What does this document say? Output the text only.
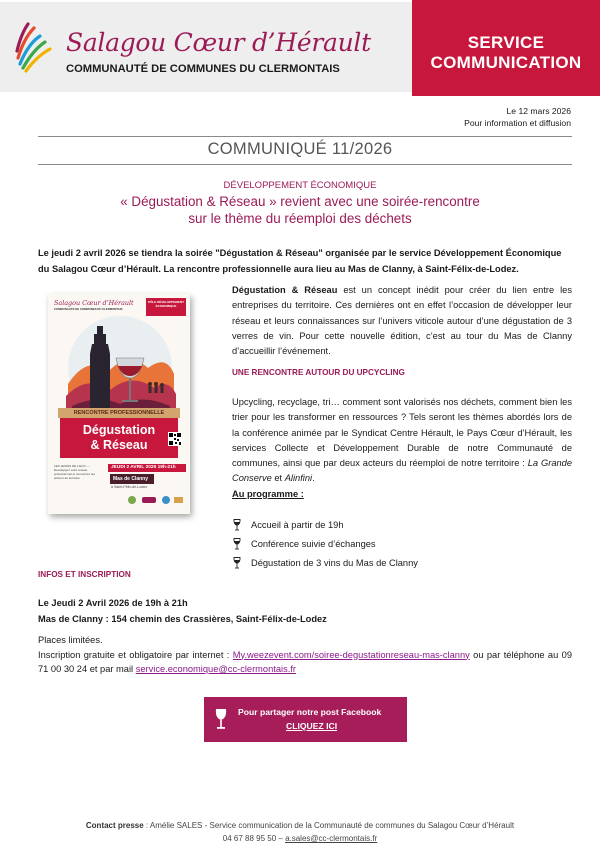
Salagou Cœur d’Hérault
COMMUNAUTÉ DE COMMUNES DU CLERMONTAIS
SERVICE
COMMUNICATION
Le 12 mars 2026
Pour information et diffusion
COMMUNIQUÉ 11/2026
DÉVELOPPEMENT ÉCONOMIQUE
« Dégustation & Réseau » revient avec une soirée-rencontre
sur le thème du réemploi des déchets

Le jeudi 2 avril 2026 se tiendra la soirée "Dégustation & Réseau" organisée par le service Développement Économique du Salagou Cœur d’Hérault. La rencontre professionnelle aura lieu au Mas de Clanny, à Saint-Félix-de-Lodez.

Salagou Cœur d’Hérault
COMMUNAUTÉ DE COMMUNES DU CLERMONTAIS
PÔLE DÉVELOPPEMENT ÉCONOMIQUE
RENCONTRE PROFESSIONNELLE
Dégustation
& Réseau
LES JEUDIS DE L'ECO — Développez votre réseau professionnel et rencontrez les acteurs du territoire
JEUDI 2 AVRIL 2026 19h-21h
Mas de Clanny
à Saint-Félix-de-Lodez

Dégustation & Réseau est un concept inédit pour créer du lien entre les entreprises du territoire. Ces dernières ont en effet l’occasion de développer leur réseau et leurs connaissances sur l’univers viticole autour d’une dégustation de 3 verres de vin. Pour cette nouvelle édition, c’est au tour du Mas de Clanny d’accueillir l’événement.

UNE RENCONTRE AUTOUR DU UPCYCLING

Upcycling, recyclage, tri… comment sont valorisés nos déchets, comment bien les trier pour les transformer en ressources ? Tels seront les thèmes abordés lors de la conférence animée par le Syndicat Centre Hérault, le Pays Cœur d’Hérault, les services Collecte et Développement Durable de notre Communauté de communes, ainsi que par deux acteurs du réemploi de notre territoire : La Grande Conserve et Alinfini.

Au programme :
Accueil à partir de 19h
Conférence suivie d’échanges
Dégustation de 3 vins du Mas de Clanny
INFOS ET INSCRIPTION
Le Jeudi 2 Avril 2026 de 19h à 21h
Mas de Clanny : 154 chemin des Crassières, Saint-Félix-de-Lodez
Places limitées.
Inscription gratuite et obligatoire par internet : My.weezevent.com/soiree-degustationreseau-mas-clanny ou par téléphone au 09 71 00 30 24 et par mail service.economique@cc-clermontais.fr
Pour partager notre post Facebook
CLIQUEZ ICI
Contact presse : Amélie SALES - Service communication de la Communauté de communes du Salagou Cœur d’Hérault
04 67 88 95 50 – a.sales@cc-clermontais.fr
